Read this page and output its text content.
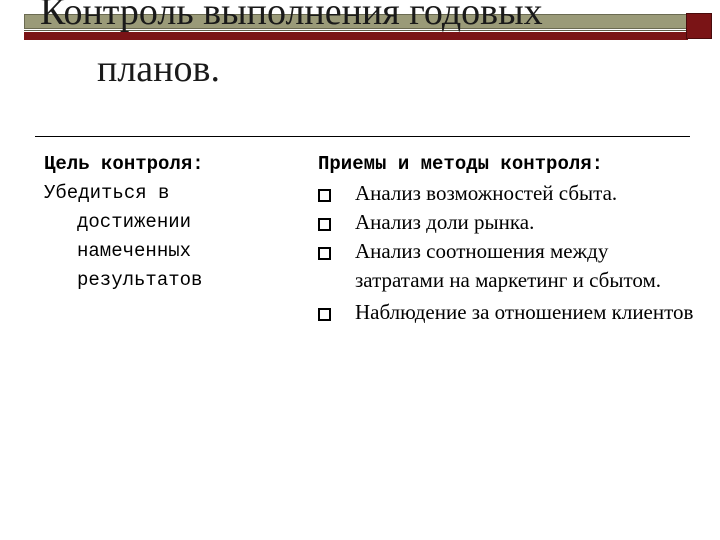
Контроль выполнения годовых
планов.
Цель контроля:
Убедиться в
достижении
намеченных
результатов
Приемы и методы контроля:
Анализ возможностей сбыта.
Анализ доли рынка.
Анализ соотношения между затратами на маркетинг и сбытом.
Наблюдение за отношением клиентов
